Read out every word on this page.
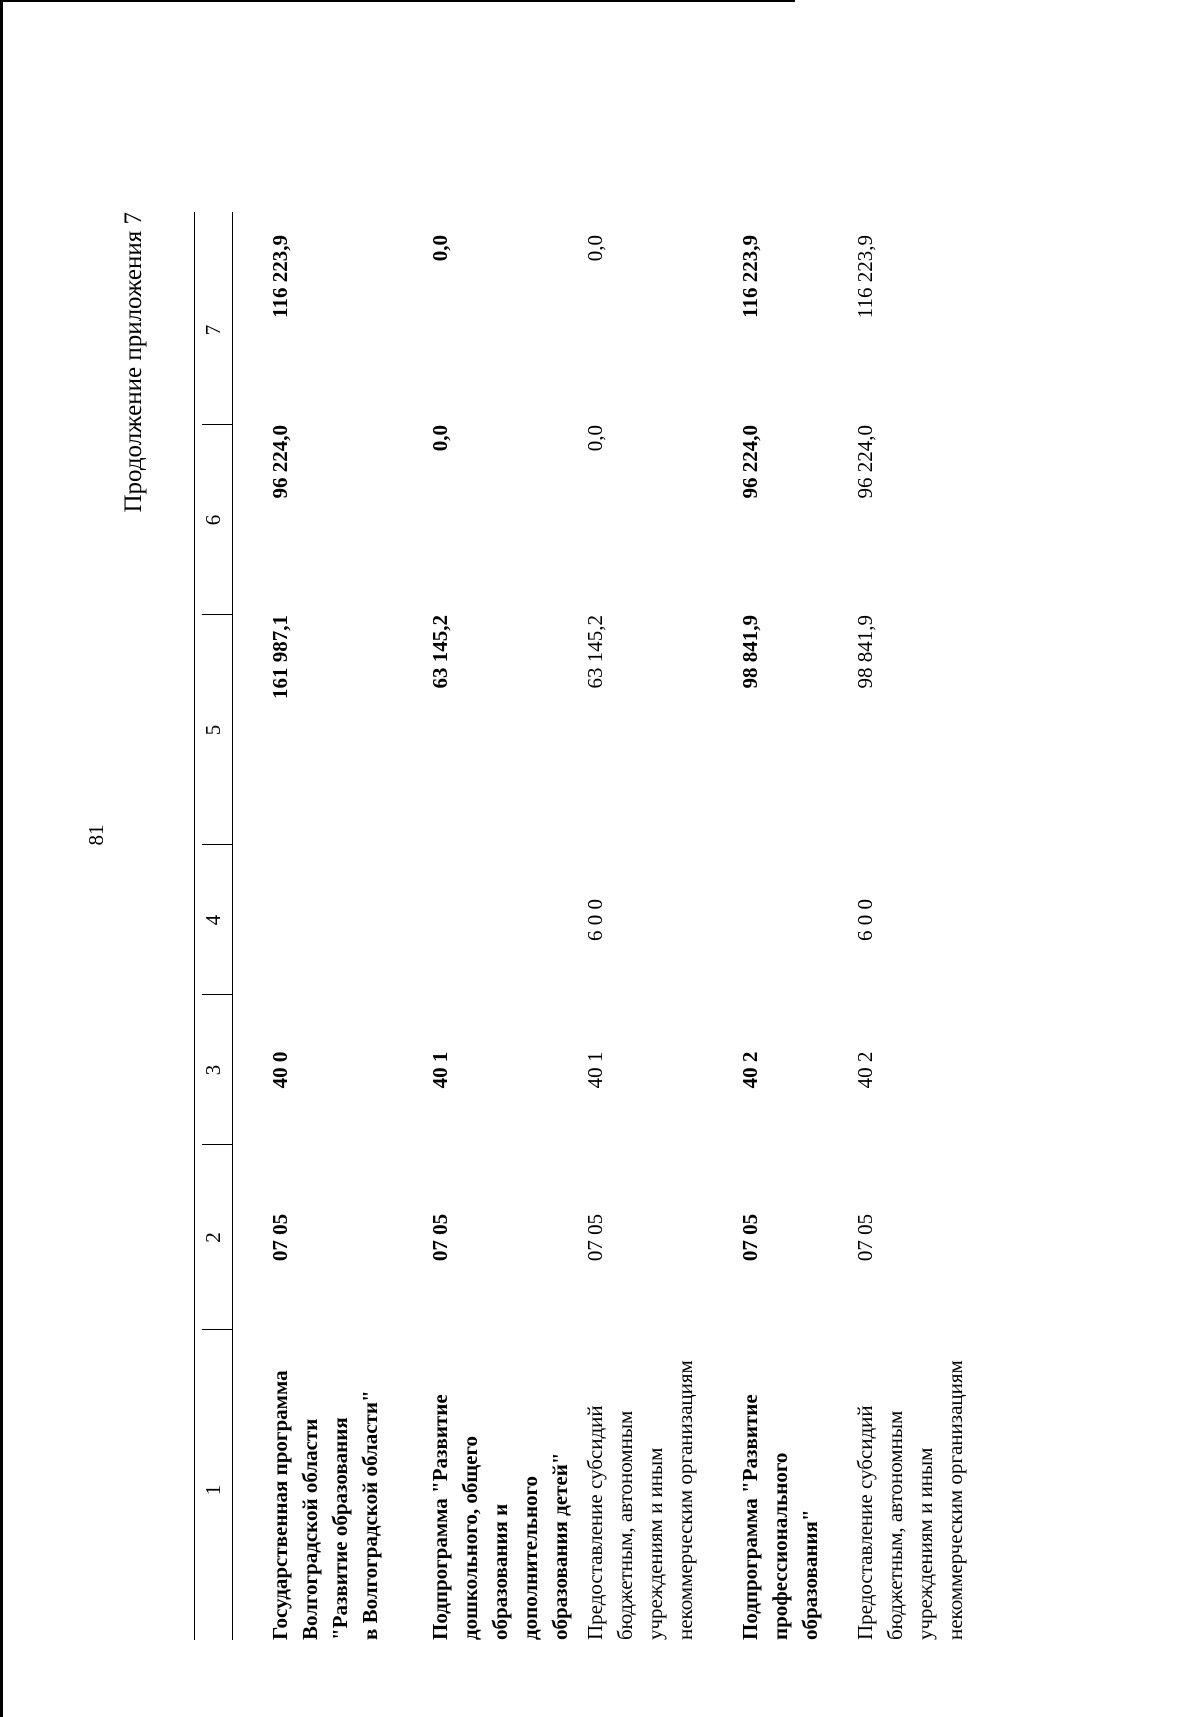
81
Продолжение приложения 7
1
2
3
4
5
6
7
Государственная программа Волгоградской области "Развитие образования в Волгоградской области"
07 05
40 0
161 987,1
96 224,0
116 223,9
Подпрограмма "Развитие дошкольного, общего образования и дополнительного образования детей"
07 05
40 1
63 145,2
0,0
0,0
Предоставление субсидий бюджетным, автономным учреждениям и иным некоммерческим организациям
07 05
40 1
6 0 0
63 145,2
0,0
0,0
Подпрограмма "Развитие профессионального образования"
07 05
40 2
98 841,9
96 224,0
116 223,9
Предоставление субсидий бюджетным, автономным учреждениям и иным некоммерческим организациям
07 05
40 2
6 0 0
98 841,9
96 224,0
116 223,9
